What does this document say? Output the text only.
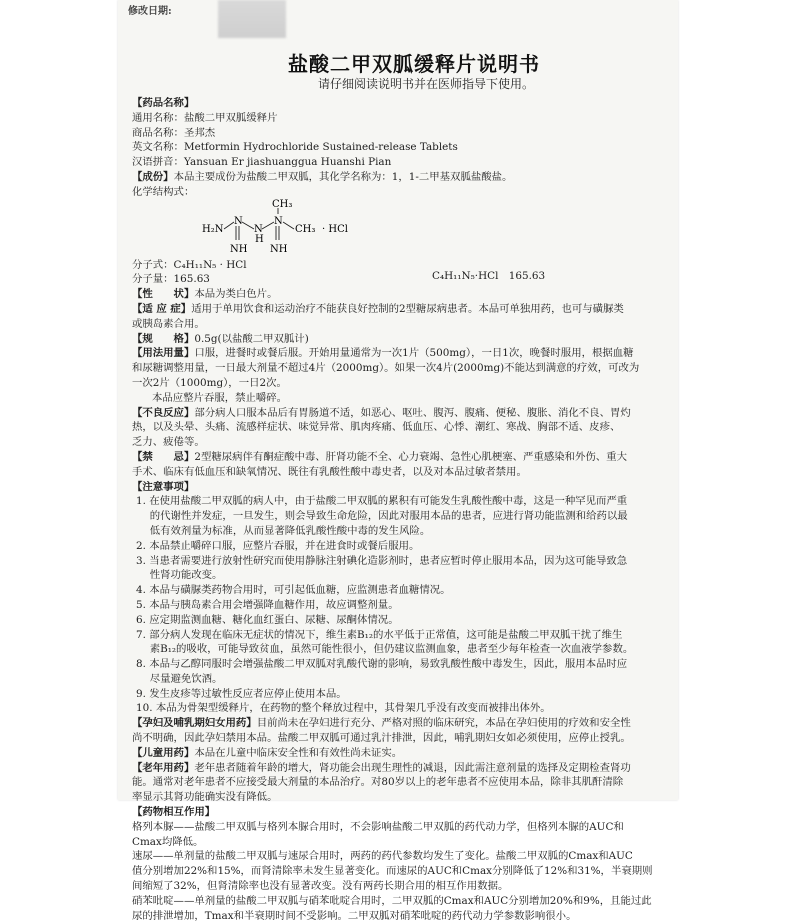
修改日期:
盐酸二甲双胍缓释片说明书
请仔细阅读说明书并在医师指导下使用。
【药品名称】
通用名称：盐酸二甲双胍缓释片
商品名称：圣邦杰
英文名称：Metformin Hydrochloride Sustained-release Tablets
汉语拼音：Yansuan Er jiashuanggua Huanshi Pian
【成份】本品主要成份为盐酸二甲双胍，其化学名称为：1，1-二甲基双胍盐酸盐。
化学结构式：
H₂N
N
N
H
N
CH₃
CH₃ · HCl
NH NH
分子式：C₄H₁₁N₅ · HCl
分子量：165.63	C₄H₁₁N₅·HCl　165.63
【性　　状】本品为类白色片。
【适 应 症】适用于单用饮食和运动治疗不能获良好控制的2型糖尿病患者。本品可单独用药，也可与磺脲类
或胰岛素合用。
【规　　格】0.5g(以盐酸二甲双胍计)
【用法用量】口服，进餐时或餐后服。开始用量通常为一次1片（500mg），一日1次，晚餐时服用，根据血糖
和尿糖调整用量，一日最大剂量不超过4片（2000mg）。如果一次4片(2000mg)不能达到满意的疗效，可改为
一次2片（1000mg），一日2次。
本品应整片吞服，禁止嚼碎。
【不良反应】部分病人口服本品后有胃肠道不适，如恶心、呕吐、腹泻、腹痛、便秘、腹胀、消化不良、胃灼
热，以及头晕、头痛、流感样症状、味觉异常、肌肉疼痛、低血压、心悸、潮红、寒战、胸部不适、皮疹、
乏力、疲倦等。
【禁　　忌】2型糖尿病伴有酮症酸中毒、肝肾功能不全、心力衰竭、急性心肌梗塞、严重感染和外伤、重大
手术、临床有低血压和缺氧情况、既往有乳酸性酸中毒史者，以及对本品过敏者禁用。
【注意事项】
1. 在使用盐酸二甲双胍的病人中，由于盐酸二甲双胍的累积有可能发生乳酸性酸中毒，这是一种罕见而严重
　 的代谢性并发症，一旦发生，则会导致生命危险，因此对服用本品的患者，应进行肾功能监测和给药以最
　 低有效剂量为标准，从而显著降低乳酸性酸中毒的发生风险。
2. 本品禁止嚼碎口服，应整片吞服，并在进食时或餐后服用。
3. 当患者需要进行放射性研究而使用静脉注射碘化造影剂时，患者应暂时停止服用本品，因为这可能导致急
　 性肾功能改变。
4. 本品与磺脲类药物合用时，可引起低血糖，应监测患者血糖情况。
5. 本品与胰岛素合用会增强降血糖作用，故应调整剂量。
6. 应定期监测血糖、糖化血红蛋白、尿糖、尿酮体情况。
7. 部分病人发现在临床无症状的情况下，维生素B₁₂的水平低于正常值，这可能是盐酸二甲双胍干扰了维生
　 素B₁₂的吸收，可能导致贫血，虽然可能性很小，但仍建议监测血象，患者至少每年检查一次血液学参数。
8. 本品与乙醇同服时会增强盐酸二甲双胍对乳酸代谢的影响，易致乳酸性酸中毒发生，因此，服用本品时应
　 尽量避免饮酒。
9. 发生皮疹等过敏性反应者应停止使用本品。
10. 本品为骨架型缓释片，在药物的整个释放过程中，其骨架几乎没有改变而被排出体外。
【孕妇及哺乳期妇女用药】目前尚未在孕妇进行充分、严格对照的临床研究，本品在孕妇使用的疗效和安全性
尚不明确，因此孕妇禁用本品。盐酸二甲双胍可通过乳汁排泄，因此，哺乳期妇女如必须使用，应停止授乳。
【儿童用药】本品在儿童中临床安全性和有效性尚未证实。
【老年用药】老年患者随着年龄的增大，肾功能会出现生理性的减退，因此需注意剂量的选择及定期检查肾功
能。通常对老年患者不应接受最大剂量的本品治疗。对80岁以上的老年患者不应使用本品，除非其肌酐清除
率显示其肾功能确实没有降低。
【药物相互作用】
格列本脲——盐酸二甲双胍与格列本脲合用时，不会影响盐酸二甲双胍的药代动力学，但格列本脲的AUC和
Cmax均降低。
速尿——单剂量的盐酸二甲双胍与速尿合用时，两药的药代参数均发生了变化。盐酸二甲双胍的Cmax和AUC
值分别增加22%和15%，而肾清除率未发生显著变化。而速尿的AUC和Cmax分别降低了12%和31%，半衰期则
间缩短了32%，但肾清除率也没有显著改变。没有两药长期合用的相互作用数据。
硝苯吡啶——单剂量的盐酸二甲双胍与硝苯吡啶合用时，二甲双胍的Cmax和AUC分别增加20%和9%，且能过此
尿的排泄增加，Tmax和半衰期时间不受影响。二甲双胍对硝苯吡啶的药代动力学参数影响很小。
